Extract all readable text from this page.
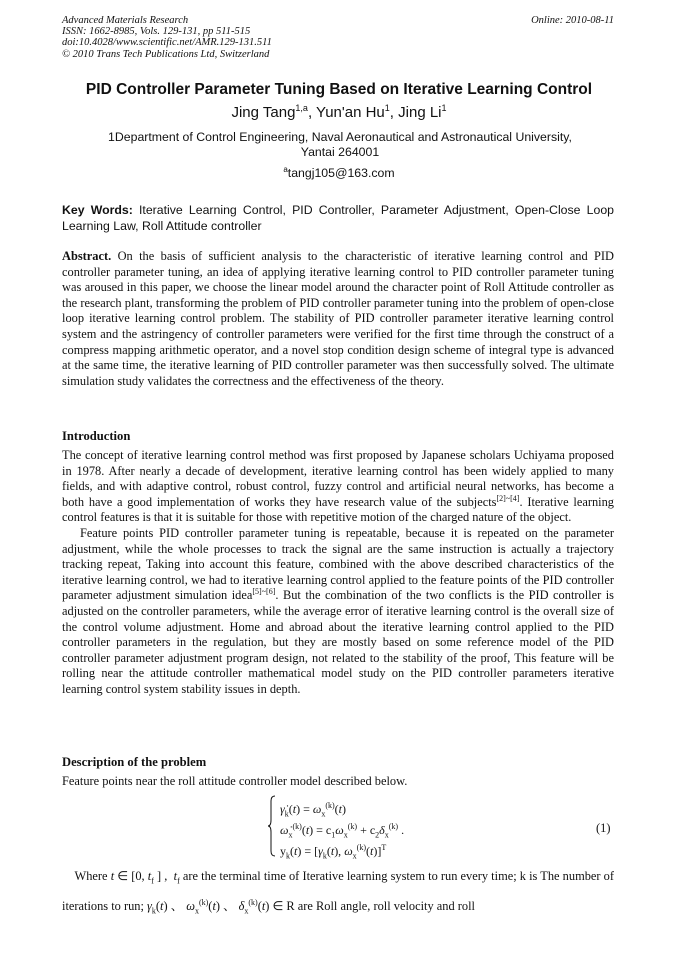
Advanced Materials Research
ISSN: 1662-8985, Vols. 129-131, pp 511-515
doi:10.4028/www.scientific.net/AMR.129-131.511
© 2010 Trans Tech Publications Ltd, Switzerland
Online: 2010-08-11
PID Controller Parameter Tuning Based on Iterative Learning Control
Jing Tang$^{1,a}$, Yun'an Hu$^1$, Jing Li$^1$
1Department of Control Engineering, Naval Aeronautical and Astronautical University,
Yantai 264001
$^a$tangj105@163.com
Key Words: Iterative Learning Control, PID Controller, Parameter Adjustment, Open-Close Loop Learning Law, Roll Attitude controller
Abstract. On the basis of sufficient analysis to the characteristic of iterative learning control and PID controller parameter tuning, an idea of applying iterative learning control to PID controller parameter tuning was aroused in this paper, we choose the linear model around the character point of Roll Attitude controller as the research plant, transforming the problem of PID controller parameter tuning into the problem of open-close loop iterative learning control problem. The stability of PID controller parameter iterative learning control system and the astringency of controller parameters were verified for the first time through the construct of a compress mapping arithmetic operator, and a novel stop condition design scheme of integral type is advanced at the same time, the iterative learning of PID controller parameter was then successfully solved. The ultimate simulation study validates the correctness and the effectiveness of the theory.
Introduction

The concept of iterative learning control method was first proposed by Japanese scholars Uchiyama proposed in 1978. After nearly a decade of development, iterative learning control has been widely applied to many fields, and with adaptive control, robust control, fuzzy control and artificial neural networks, has become a both have a good implementation of works they have research value of the subjects[2]~[4]. Iterative learning control features is that it is suitable for those with repetitive motion of the charged nature of the object.

Feature points PID controller parameter tuning is repeatable, because it is repeated on the parameter adjustment, while the whole processes to track the signal are the same instruction is actually a trajectory tracking repeat, Taking into account this feature, combined with the above described characteristics of the iterative learning control, we had to iterative learning control applied to the feature points of the PID controller parameter adjustment simulation idea[5]~[6]. But the combination of the two conflicts is the PID controller is adjusted on the controller parameters, while the average error of iterative learning control is the overall size of the control volume adjustment. Home and abroad about the iterative learning control applied to the PID controller parameters in the regulation, but they are mostly based on some reference model of the PID controller parameter adjustment program design, not related to the stability of the proof, This feature will be rolling near the attitude controller mathematical model study on the PID controller parameters iterative learning control system stability issues in depth.

Description of the problem
Feature points near the roll attitude controller model described below.
$\gammȧ_k(t) = \omega_x^{(k)}(t)$
$\omegȧ_x^{(k)}(t) = c_1\omega_x^{(k)} + c_2\delta_x^{(k)}$ .
$y_k(t) = [\gamma_k(t)$, $\omega_x^{(k)}(t)]^T$
(1)
Where t ∈ [0, $t_f$ ] ,  $t_f$ are the terminal time of Iterative learning system to run every time; k is The number of iterations to run; $\gamma_k(t)$ 、 $\omega_x^{(k)}(t)$ 、 $\delta_x^{(k)}(t)$ ∈ R are Roll angle, roll velocity and roll
